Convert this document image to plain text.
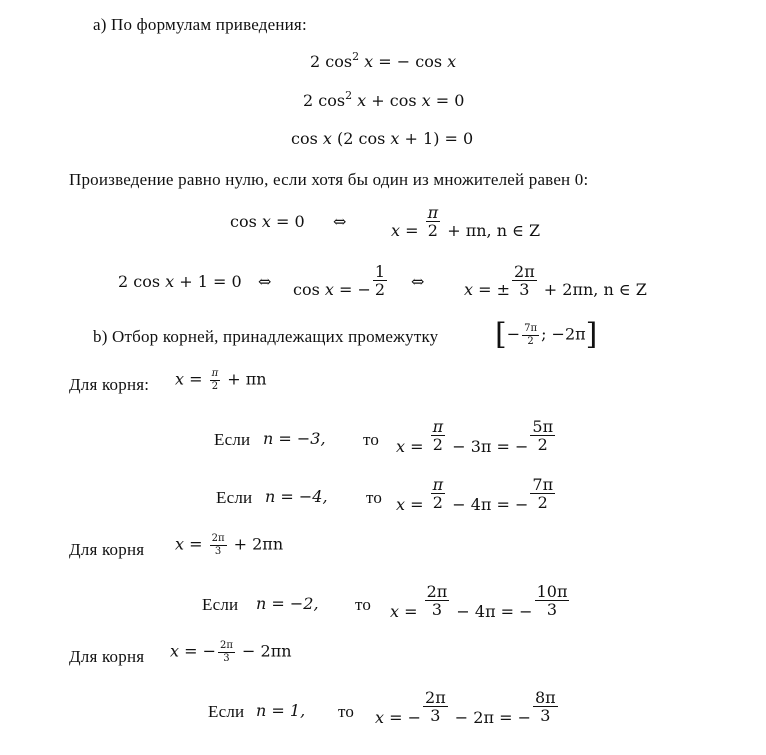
a) По формулам приведения:
2 $\cos^2 x$ = − cos x
2 $\cos^2 x + \cos x = 0$
cos x (2 cos x + 1) = 0
Произведение равно нулю, если хотя бы один из множителей равен 0:
cos x = 0 ⇔	$x = \frac{\pi}{2} + \pi n$, n ∈ Z
2 cos x + 1 = 0 ⇔ cos x = − $\frac{1}{2}$ ⇔ x = ± $\frac{2\pi}{3} + 2\pi n$, n ∈ Z
b) Отбор корней, принадлежащих промежутку [− $\frac{7\pi}{2}$ ; −2π]
Для корня: $x = \frac{\pi}{2} + \pi n$
Если n = −3, то $x = \frac{\pi}{2} - 3\pi$ = − $\frac{5\pi}{2}$
Если n = −4, то $x = \frac{\pi}{2} - 4\pi$ = − $\frac{7\pi}{2}$
Для корня $x = \frac{2\pi}{3} + 2\pi n$
Если n = −2, то $x = \frac{2\pi}{3} - 4\pi$ = − $\frac{10\pi}{3}$
Для корня x = − $\frac{2\pi}{3} - 2\pi n$
Если n = 1, то x = − $\frac{2\pi}{3} - 2\pi$ = − $\frac{8\pi}{3}$
